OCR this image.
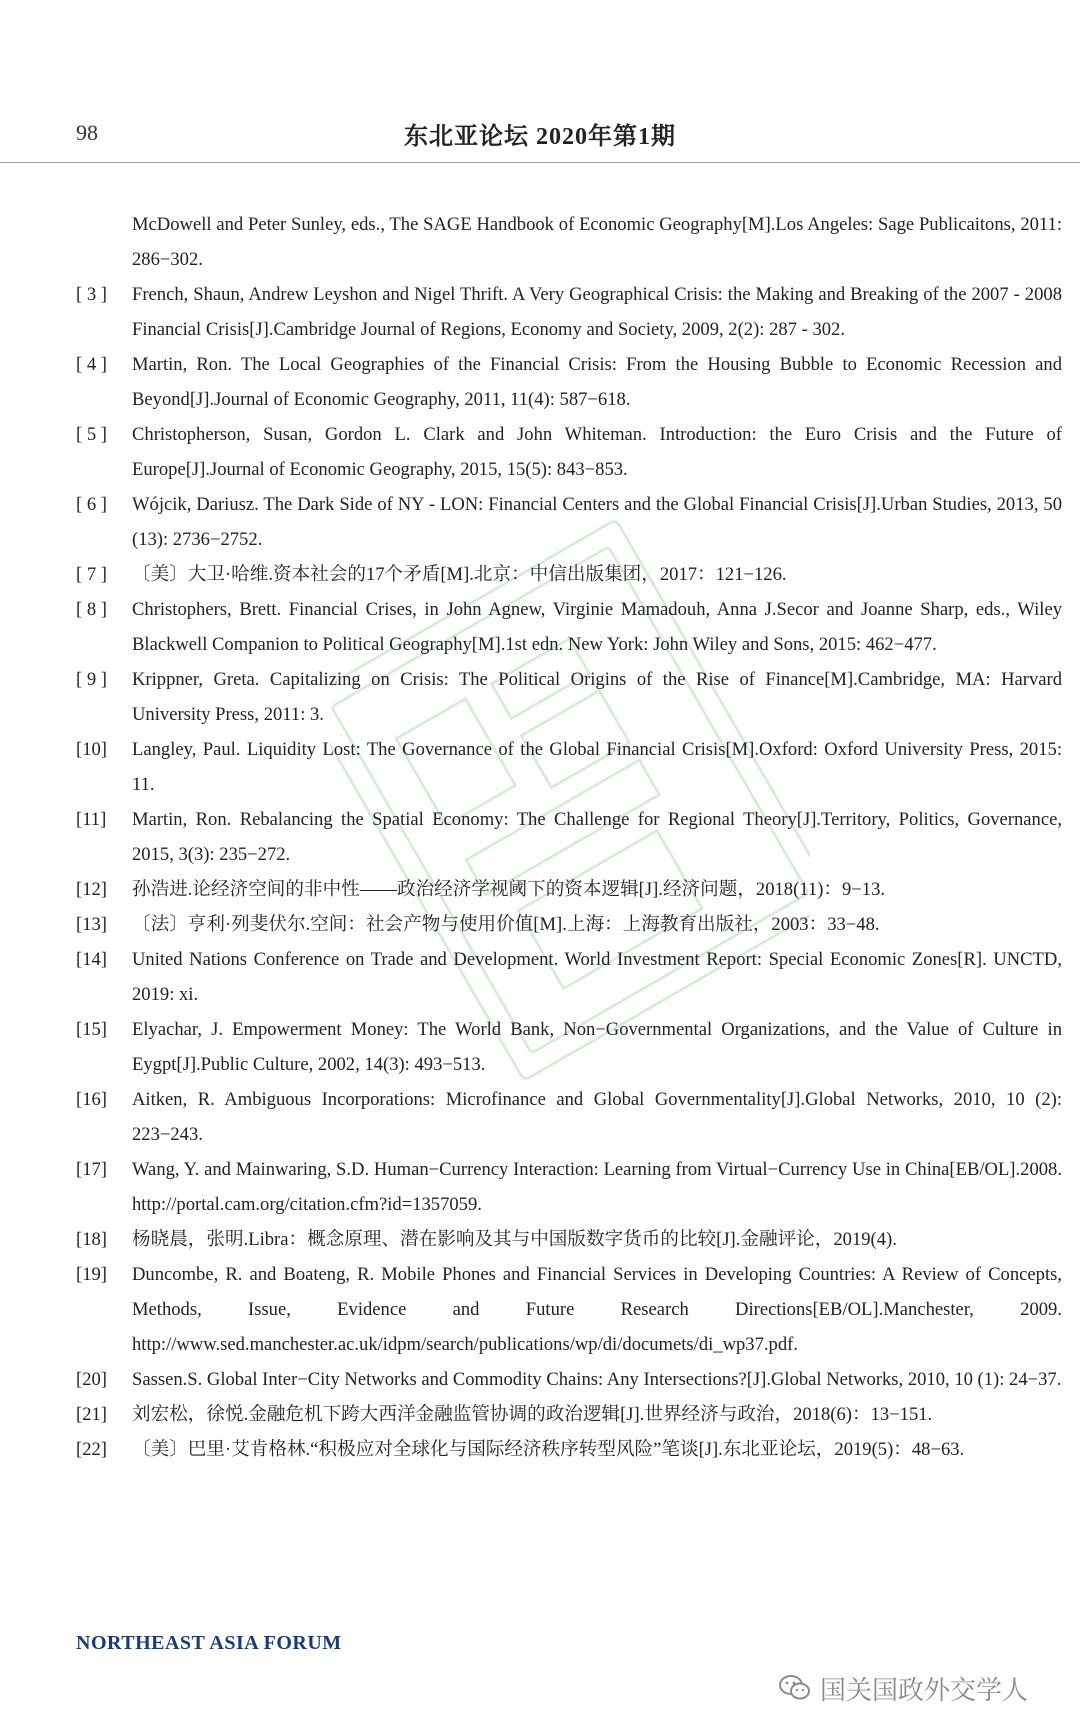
98	东北亚论坛 2020年第1期
McDowell and Peter Sunley, eds., The SAGE Handbook of Economic Geography[M].Los Angeles: Sage Publicaitons, 2011: 286−302.
[ 3 ]	French, Shaun, Andrew Leyshon and Nigel Thrift. A Very Geographical Crisis: the Making and Breaking of the 2007 - 2008 Financial Crisis[J].Cambridge Journal of Regions, Economy and Society, 2009, 2(2): 287 - 302.
[ 4 ]	Martin, Ron. The Local Geographies of the Financial Crisis: From the Housing Bubble to Economic Recession and Beyond[J].Journal of Economic Geography, 2011, 11(4): 587−618.
[ 5 ]	Christopherson, Susan, Gordon L. Clark and John Whiteman. Introduction: the Euro Crisis and the Future of Europe[J].Journal of Economic Geography, 2015, 15(5): 843−853.
[ 6 ]	Wójcik, Dariusz. The Dark Side of NY - LON: Financial Centers and the Global Financial Crisis[J].Urban Studies, 2013, 50 (13): 2736−2752.
[ 7 ]	〔美〕大卫·哈维.资本社会的17个矛盾[M].北京：中信出版集团，2017：121−126.
[ 8 ]	Christophers, Brett. Financial Crises, in John Agnew, Virginie Mamadouh, Anna J.Secor and Joanne Sharp, eds., Wiley Blackwell Companion to Political Geography[M].1st edn. New York: John Wiley and Sons, 2015: 462−477.
[ 9 ]	Krippner, Greta. Capitalizing on Crisis: The Political Origins of the Rise of Finance[M].Cambridge, MA: Harvard University Press, 2011: 3.
[10]	Langley, Paul. Liquidity Lost: The Governance of the Global Financial Crisis[M].Oxford: Oxford University Press, 2015: 11.
[11]	Martin, Ron. Rebalancing the Spatial Economy: The Challenge for Regional Theory[J].Territory, Politics, Governance, 2015, 3(3): 235−272.
[12]	孙浩进.论经济空间的非中性——政治经济学视阈下的资本逻辑[J].经济问题，2018(11)：9−13.
[13]	〔法〕亨利·列斐伏尔.空间：社会产物与使用价值[M].上海：上海教育出版社，2003：33−48.
[14]	United Nations Conference on Trade and Development. World Investment Report: Special Economic Zones[R]. UNCTD, 2019: xi.
[15]	Elyachar, J. Empowerment Money: The World Bank, Non−Governmental Organizations, and the Value of Culture in Eygpt[J].Public Culture, 2002, 14(3): 493−513.
[16]	Aitken, R. Ambiguous Incorporations: Microfinance and Global Governmentality[J].Global Networks, 2010, 10 (2): 223−243.
[17]	Wang, Y. and Mainwaring, S.D. Human−Currency Interaction: Learning from Virtual−Currency Use in China[EB/OL].2008. http://portal.cam.org/citation.cfm?id=1357059.
[18]	杨晓晨，张明.Libra：概念原理、潜在影响及其与中国版数字货币的比较[J].金融评论，2019(4).
[19]	Duncombe, R. and Boateng, R. Mobile Phones and Financial Services in Developing Countries: A Review of Concepts, Methods, Issue, Evidence and Future Research Directions[EB/OL].Manchester, 2009. http://www.sed.manchester.ac.uk/idpm/search/publications/wp/di/documets/di_wp37.pdf.
[20]	Sassen.S. Global Inter−City Networks and Commodity Chains: Any Intersections?[J].Global Networks, 2010, 10 (1): 24−37.
[21]	刘宏松，徐悦.金融危机下跨大西洋金融监管协调的政治逻辑[J].世界经济与政治，2018(6)：13−151.
[22]	〔美〕巴里·艾肯格林.“积极应对全球化与国际经济秩序转型风险”笔谈[J].东北亚论坛，2019(5)：48−63.
NORTHEAST ASIA FORUM
国关国政外交学人
